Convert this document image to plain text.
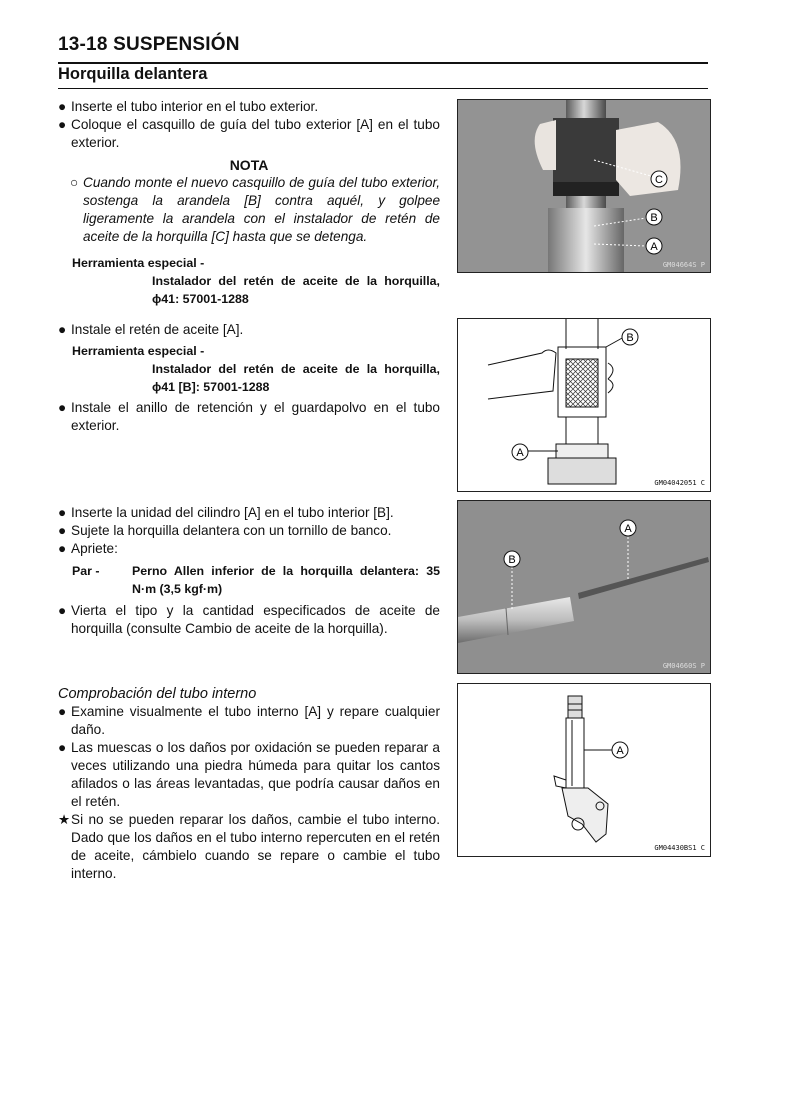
13-18 SUSPENSIÓN
Horquilla delantera
● Inserte el tubo interior en el tubo exterior.
● Coloque el casquillo de guía del tubo exterior [A] en el tubo exterior.
NOTA
○ Cuando monte el nuevo casquillo de guía del tubo exterior, sostenga la arandela [B] contra aquél, y golpee ligeramente la arandela con el instalador de retén de aceite de la horquilla [C] hasta que se detenga.
Herramienta especial -
Instalador del retén de aceite de la horquilla, ϕ41: 57001-1288
● Instale el retén de aceite [A].
Herramienta especial -
Instalador del retén de aceite de la horquilla, ϕ41 [B]: 57001-1288
● Instale el anillo de retención y el guardapolvo en el tubo exterior.
● Inserte la unidad del cilindro [A] en el tubo interior [B].
● Sujete la horquilla delantera con un tornillo de banco.
● Apriete:
Par -	Perno Allen inferior de la horquilla delantera: 35 N·m (3,5 kgf·m)
● Vierta el tipo y la cantidad especificados de aceite de horquilla (consulte Cambio de aceite de la horquilla).
Comprobación del tubo interno
● Examine visualmente el tubo interno [A] y repare cualquier daño.
● Las muescas o los daños por oxidación se pueden reparar a veces utilizando una piedra húmeda para quitar los cantos afilados o las áreas levantadas, que podría causar daños en el retén.
★ Si no se pueden reparar los daños, cambie el tubo interno. Dado que los daños en el tubo interno repercuten en el retén de aceite, cámbielo cuando se repare o cambie el tubo interno.
C
B
A
GM04664S P
B
A
GM04042051 C
A
B
GM04660S P
A
GM04430BS1 C
